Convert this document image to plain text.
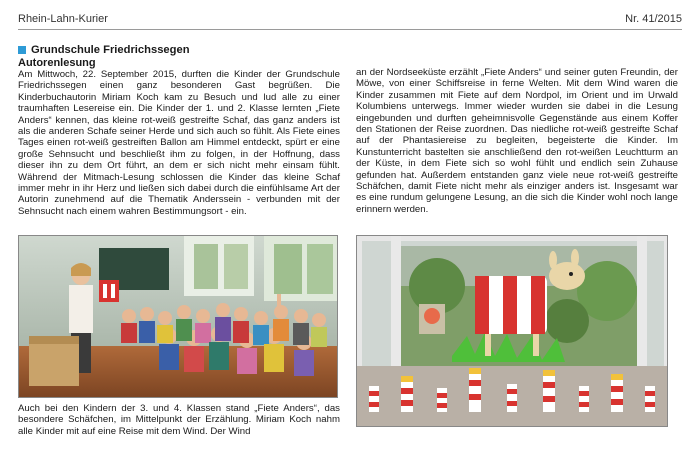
Rhein-Lahn-Kurier	Nr. 41/2015
Grundschule Friedrichssegen
Autorenlesung

Am Mittwoch, 22. September 2015, durften die Kinder der Grundschule Friedrichssegen einen ganz besonderen Gast begrüßen. Die Kinderbuchautorin Miriam Koch kam zu Besuch und lud alle zu einer traumhaften Lesereise ein. Die Kinder der 1. und 2. Klasse lernten „Fiete Anders“ kennen, das kleine rot-weiß gestreifte Schaf, das ganz anders ist als die anderen Schafe seiner Herde und sich auch so fühlt. Als Fiete eines Tages einen rot-weiß gestreiften Ballon am Himmel entdeckt, spürt er eine große Sehnsucht und beschließt ihm zu folgen, in der Hoffnung, dass dieser ihn zu dem Ort führt, an dem er sich nicht mehr einsam fühlt. Während der Mitmach-Lesung schlossen die Kinder das kleine Schaf immer mehr in ihr Herz und ließen sich dabei durch die einfühlsame Art der Autorin zunehmend auf die Thematik Anderssein - verbunden mit der Sehnsucht nach einem wahren Bestimmungsort - ein.

an der Nordseeküste erzählt „Fiete Anders“ und seiner guten Freundin, der Möwe, von einer Schiffsreise in ferne Welten. Mit dem Wind waren die Kinder zusammen mit Fiete auf dem Nordpol, im Orient und im Urwald Kolumbiens unterwegs. Immer wieder wurden sie dabei in die Lesung eingebunden und durften geheimnisvolle Gegenstände aus einem Koffer den Stationen der Reise zuordnen. Das niedliche rot-weiß gestreifte Schaf auf der Phantasiereise zu begleiten, begeisterte die Kinder. Im Kunstunterricht bastelten sie anschließend den rot-weißen Leuchtturm an der Küste, in dem Fiete sich so wohl fühlt und endlich sein Zuhause gefunden hat. Außerdem entstanden ganz viele neue rot-weiß gestreifte Schäfchen, damit Fiete nicht mehr als einziger anders ist. Insgesamt war es eine rundum gelungene Lesung, an die sich die Kinder wohl noch lange erinnern werden.

Auch bei den Kindern der 3. und 4. Klassen stand „Fiete Anders“, das besondere Schäfchen, im Mittelpunkt der Erzählung. Miriam Koch nahm alle Kinder mit auf eine Reise mit dem Wind. Der Wind
